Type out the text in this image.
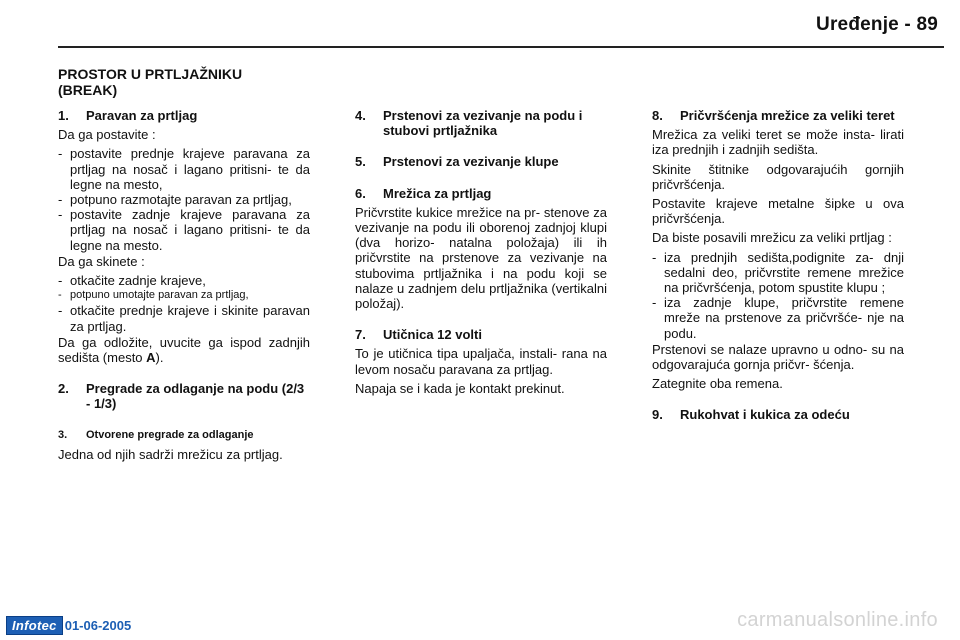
Uređenje - 89
PROSTOR U PRTLJAŽNIKU
(BREAK)
1. Paravan za prtljag

Da ga postavite :

- postavite prednje krajeve paravana za prtljag na nosač i lagano pritisni- te da legne na mesto,
- potpuno razmotajte paravan za prtljag,
- postavite zadnje krajeve paravana za prtljag na nosač i lagano pritisni- te da legne na mesto.

Da ga skinete :

- otkačite zadnje krajeve,
- potpuno umotajte paravan za prtljag,
- otkačite prednje krajeve i skinite paravan za prtljag.

Da ga odložite, uvucite ga ispod zadnjih sedišta (mesto A).

2. Pregrade za odlaganje na podu (2/3 - 1/3)
3. Otvorene pregrade za odlaganje

Jedna od njih sadrži mrežicu za prtljag.

4. Prstenovi za vezivanje na podu i stubovi prtljažnika
5. Prstenovi za vezivanje klupe
6. Mrežica za prtljag

Pričvrstite kukice mrežice na pr- stenove za vezivanje na podu ili oborenoj zadnjoj klupi (dva horizo- natalna položaja) ili ih pričvrstite na prstenove za vezivanje na stubovima prtljažnika i na podu koji se nalaze u zadnjem delu prtljažnika (vertikalni položaj).

7. Utičnica 12 volti

To je utičnica tipa upaljača, instali- rana na levom nosaču paravana za prtljag.

Napaja se i kada je kontakt prekinut.

8. Pričvršćenja mrežice za veliki teret

Mrežica za veliki teret se može insta- lirati iza prednjih i zadnjih sedišta.

Skinite štitnike odgovarajućih gornjih pričvršćenja.

Postavite krajeve metalne šipke u ova pričvršćenja.

Da biste posavili mrežicu za veliki prtljag :

- iza prednjih sedišta,podignite za- dnji sedalni deo, pričvrstite remene mrežice na pričvršćenja, potom spustite klupu ;
- iza zadnje klupe, pričvrstite remene mreže na prstenove za pričvršće- nje na podu.

Prstenovi se nalaze upravno u odno- su na odgovarajuća gornja pričvr- šćenja.

Zategnite oba remena.

9. Rukohvat i kukica za odeću
Infotec 01-06-2005	carmanualsonline.info
